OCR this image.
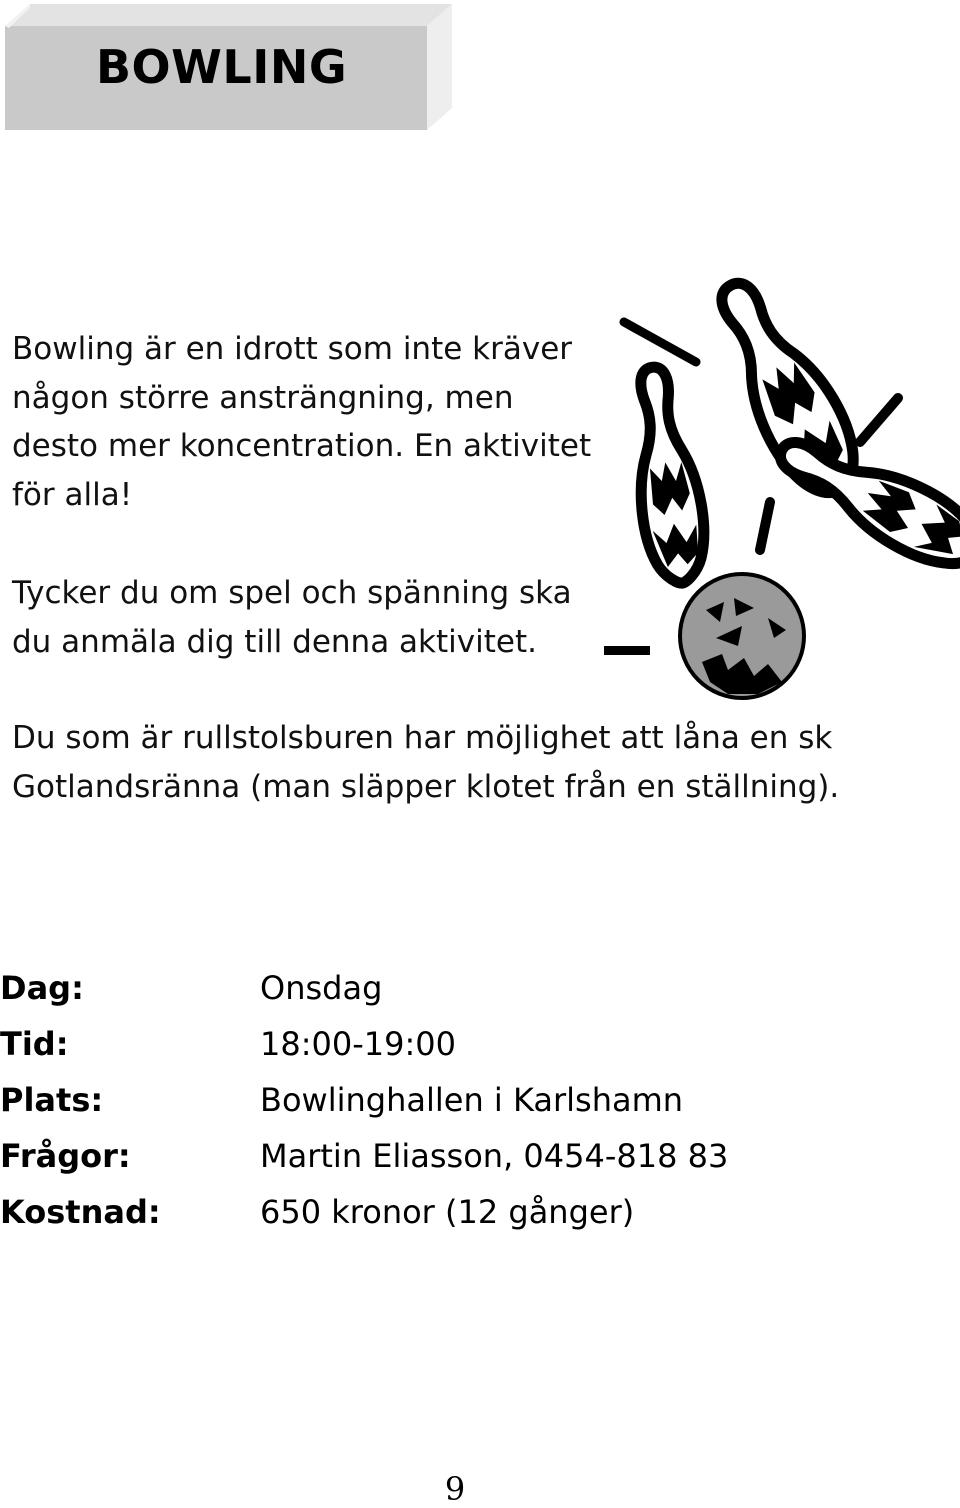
BOWLING

Bowling är en idrott som inte kräver
någon större ansträngning, men
desto mer koncentration. En aktivitet
för alla!

Tycker du om spel och spänning ska
du anmäla dig till denna aktivitet.

Du som är rullstolsburen har möjlighet att låna en sk
Gotlandsränna (man släpper klotet från en ställning).

Dag:	Onsdag
Tid:	18:00-19:00
Plats:	Bowlinghallen i Karlshamn
Frågor:	Martin Eliasson, 0454-818 83
Kostnad:	650 kronor (12 gånger)
9
